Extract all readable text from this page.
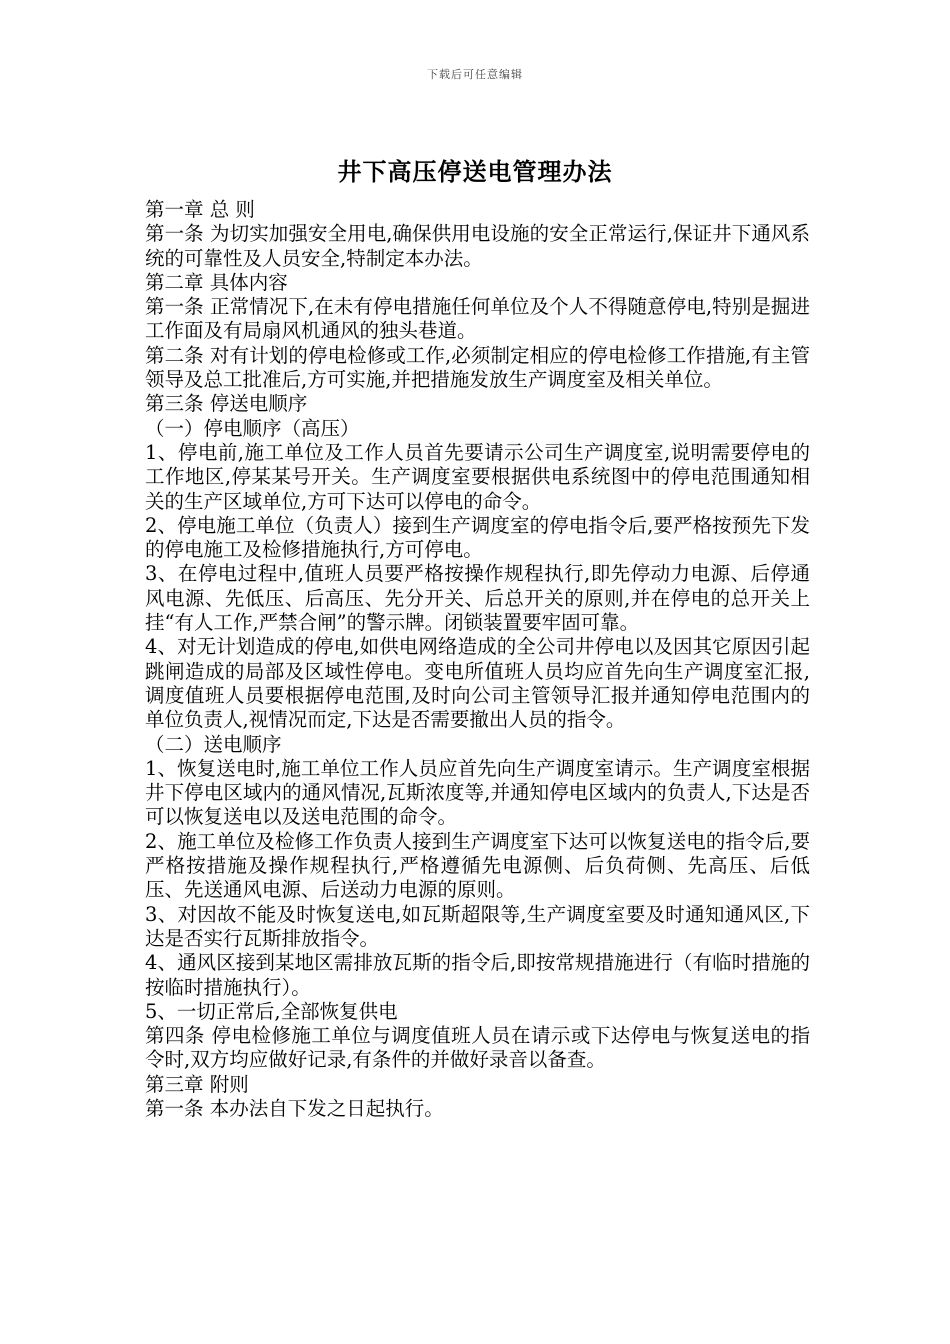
下载后可任意编辑
井下高压停送电管理办法

第一章 总 则

第一条 为切实加强安全用电,确保供用电设施的安全正常运行,保证井下通风系统的可靠性及人员安全,特制定本办法。

第二章 具体内容

第一条 正常情况下,在未有停电措施任何单位及个人不得随意停电,特别是掘进工作面及有局扇风机通风的独头巷道。

第二条 对有计划的停电检修或工作,必须制定相应的停电检修工作措施,有主管领导及总工批准后,方可实施,并把措施发放生产调度室及相关单位。

第三条 停送电顺序

（一）停电顺序（高压）

1、停电前,施工单位及工作人员首先要请示公司生产调度室,说明需要停电的工作地区,停某某号开关。生产调度室要根据供电系统图中的停电范围通知相关的生产区域单位,方可下达可以停电的命令。

2、停电施工单位（负责人）接到生产调度室的停电指令后,要严格按预先下发的停电施工及检修措施执行,方可停电。

3、在停电过程中,值班人员要严格按操作规程执行,即先停动力电源、后停通风电源、先低压、后高压、先分开关、后总开关的原则,并在停电的总开关上挂“有人工作,严禁合闸”的警示牌。闭锁装置要牢固可靠。

4、对无计划造成的停电,如供电网络造成的全公司井停电以及因其它原因引起跳闸造成的局部及区域性停电。变电所值班人员均应首先向生产调度室汇报,调度值班人员要根据停电范围,及时向公司主管领导汇报并通知停电范围内的单位负责人,视情况而定,下达是否需要撤出人员的指令。

（二）送电顺序

1、恢复送电时,施工单位工作人员应首先向生产调度室请示。生产调度室根据井下停电区域内的通风情况,瓦斯浓度等,并通知停电区域内的负责人,下达是否可以恢复送电以及送电范围的命令。

2、施工单位及检修工作负责人接到生产调度室下达可以恢复送电的指令后,要严格按措施及操作规程执行,严格遵循先电源侧、后负荷侧、先高压、后低压、先送通风电源、后送动力电源的原则。

3、对因故不能及时恢复送电,如瓦斯超限等,生产调度室要及时通知通风区,下达是否实行瓦斯排放指令。

4、通风区接到某地区需排放瓦斯的指令后,即按常规措施进行（有临时措施的按临时措施执行）。

5、一切正常后,全部恢复供电

第四条 停电检修施工单位与调度值班人员在请示或下达停电与恢复送电的指令时,双方均应做好记录,有条件的并做好录音以备查。

第三章 附则

第一条 本办法自下发之日起执行。
